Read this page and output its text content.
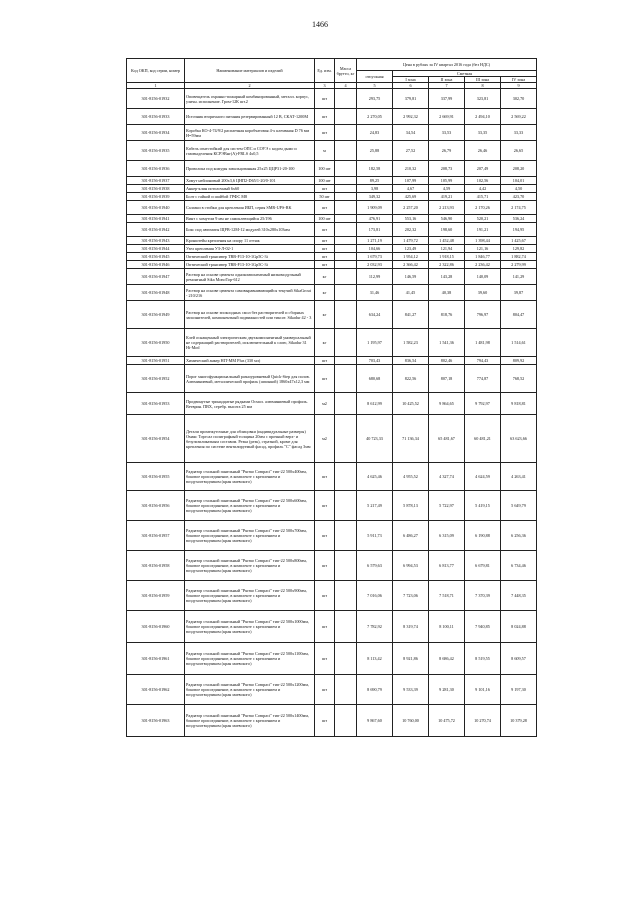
1466
Код ОКП, код серии, номер	Наименование материалов и изделий	Ед. изм.	Масса брутто, кг	Цена в рублях за IV квартал 2016 года (без НДС)				
				отпускная	Сметная			
					I зона	II зона	III зона	IV зона
1	2	3	4	5	6	7	8	9
301-8156-01932	Оповещатель охранно-пожарный комбинированный, металл. корпус, уличн. исполнение. Гром-12К шт.2	шт		293,75	379,81	337,99	323,81	302,70
301-8156-01933	Источник вторичного питания резервированный 12 В, СКАТ-1200М	шт		2 270,05	2 992,32	2 669,91	2 494,10	2 569,22
301-8156-01934	Коробка КО-4-74/9/2 распаечная коробчатовая 4-х клеммная D 76 мм Н=59мм	шт		24,83	34,54	33,53	33,35	33,33
301-8156-01935	Кабель огнестойкий для систем ОПС и СОУЭ с кодом дымо и газовыделения КСРЭВнг(А)-FRLS 4х0,5	м		25,88	27,52	26,79	26,46	26,65
301-8156-01936	Проволока под кожуры завальцованная 25х25 ЦЦР31-20-100	100 шт		182,58	210,32	208,73	207,49	208,20
301-8156-01937	Хомут нейлоновый 200х3,6 ЦНП2-D65/1-20/0-101	100 шт		89,25	107,99	105,99	102,56	104,01
301-8156-01938	Анкер-клин потолочный 6х60	шт		3,98	4,67	4,59	4,42	4,50
301-8156-01939	Болт с гайкой и шайбой ГРФС М8	50 шт		349,32	425,69	419,21	415,71	423,70
301-8156-01940	Салазки в стойки для крепления ИБП, серия SMR-UPS-RK	шт		1 909,09	2 257,20	2 213,93	2 170,26	2 174,75
301-8156-01941	Винт с хомутом 9 мм не самоклеющийся 25/196	100 шт		476,91	553,16	546,90	520,21	536,24
301-8156-01942	Бокс под автоматы ЩРВ-12М-12 модулей 310х280х103мм	шт		173,81	202,32	198,60	191,21	194,95
301-8156-01943	Кронштейн крепления на опору 11 оттяж	шт		1 271,19	1 479,72	1 452,48	1 398,44	1 425,67
301-8156-01944	Узел крепления УЗ-Л-02-1	шт		104,66	123,49	121,94	121,16	129,82
301-8156-01945	Оптический трансивер TBB-F13-10-1Gp5C-3i	шт		1 679,73	1 954,12	1 918,15	1 846,77	1 882,74
301-8156-01946	Оптический трансивер TBB-F13-10-1Gp5C-3i	шт		2 032,93	2 366,42	2 322,86	2 236,42	2 279,99
301-8156-01947	Раствор на основе цемента однокомпонентный низкомодульный ремонтный Sika MonoTop-612	кг		112,99	146,59	143,28	140,09	141,29
301-8156-01948	Раствор на основе цемента самовыравнивающийся текучий SikaGrout - 210/216	кг		31,46	41,45	40,38	39,60	39,87
301-8156-01949	Раствор на основе эпоксидных смол без растворителей и сборных заполнителей, компонентный подвижностей или тиксот. Sikadur 42 - 3	кг		634,24	841,27	818,76	796,97	804,47
301-8156-01950	Клей оснащенный электрическим двухкомпонентный универсальный не содержащий растворителей, исключительный к слою, Sikadur 31 Hi-Mod	кг		1 195,97	1 582,23	1 541,36	1 481,98	1 514,61
301-8156-01951	Химический анкер НIT-MM Plus (330 мл)	шт		703,43	836,54	802,46	794,43	809,92
301-8156-01952	Порог многофункциональный разноуровневый Quick-Step для полов. Алюминиевый, металлический профиль (шпонкой) 1860х47х12,3 мм	шт		680,68	822,56	807,18	774,87	768,52
301-8156-01953	Продвинутые тринадцатые рядками Осмол. алюминиевый профиль. Ветврин. ПВХ, серебр. высота 25 мм	м2		8 612,99	10 425,52	9 864,65	9 792,97	9 818,81
301-8156-01954	Детали промежуточные для облицовки (индивидуальные размеры) Омакс Торгсал полиграфный толщина 20мм с прочный верх- и безультиликатным составом. Резка (резк), стратной, кроме для крепления по системе вентилируемый фасад, профиль "С" фасад 3мм	м2		40 723,33	71 136,34	65 481,67	60 481,21	63 623,66
301-8156-01955	Радиатор стальной панельный "Purmo Compact" тип-22 500х400мм, боковое присоединение, в комплекте с креплением и воздухоотводчиком (кран маевского)	шт		4 625,46	4 955,52	4 327,74	4 624,59	4 263,41
301-8156-01956	Радиатор стальной панельный "Purmo Compact" тип-22 500х600мм, боковое присоединение, в комплекте с креплением и воздухоотводчиком (кран маевского)	шт		5 217,49	5 878,13	5 722,97	5 419,15	5 649,79
301-8156-01957	Радиатор стальной панельный "Purmo Compact" тип-22 500х700мм, боковое присоединение, в комплекте с креплением и воздухоотводчиком (кран маевского)	шт		5 911,73	6 486,27	6 315,09	6 190,88	6 256,36
301-8156-01958	Радиатор стальной панельный "Purmo Compact" тип-22 500х800мм, боковое присоединение, в комплекте с креплением и воздухоотводчиком (кран маевского)	шт		6 579,63	6 994,53	6 813,77	6 679,81	6 734,46
301-8156-01959	Радиатор стальной панельный "Purmo Compact" тип-22 500х900мм, боковое присоединение, в комплекте с креплением и воздухоотводчиком (кран маевского)	шт		7 016,06	7 723,06	7 518,71	7 370,39	7 448,35
301-8156-01960	Радиатор стальной панельный "Purmo Compact" тип-22 500х1000мм, боковое присоединение, в комплекте с креплением и воздухоотводчиком (кран маевского)	шт		7 782,92	8 319,74	8 100,11	7 940,85	8 024,88
301-8156-01961	Радиатор стальной панельный "Purmo Compact" тип-22 500х1100мм, боковое присоединение, в комплекте с креплением и воздухоотводчиком (кран маевского)	шт		8 113,42	8 921,86	8 686,42	8 519,55	8 609,57
301-8156-01962	Радиатор стальной панельный "Purmo Compact" тип-22 500х1200мм, боковое присоединение, в комплекте с креплением и воздухоотводчиком (кран маевского)	шт		8 690,79	9 533,39	9 281,30	9 101,16	9 197,30
301-8156-01963	Радиатор стальной панельный "Purmo Compact" тип-22 500х1400мм, боковое присоединение, в комплекте с креплением и воздухоотводчиком (кран маевского)	шт		9 867,60	10 760,00	10 475,72	10 270,74	10 379,28
